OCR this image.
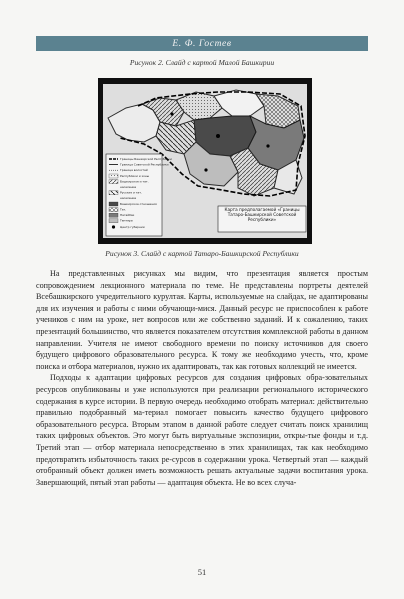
Е. Ф. Гостев
Рисунок 2. Слайд с картой Малой Башкирии
Границы Башкирской Республики
Граница Советской Республики
Граница волостей
Республики и зоны
Башкирское и тат.
население
Русские и тат.
население
Башкирское отношения
Тат.
Нагайбак
Тептяри
Центр губернии
Карта предполагаемой «Границы Татаро-Башкирской Советской Республики»
Рисунок 3. Слайд с картой Татаро-Башкирской Республики

На представленных рисунках мы видим, что презентация является простым сопровождением лекционного материала по теме. Не представлены портреты деятелей Всебашкирского учредительного курултая. Карты, используемые на слайдах, не адаптированы для их изучения и работы с ними обучающи-мися. Данный ресурс не приспособлен к работе учеников с ним на уроке, нет вопросов или же собственно заданий. И к сожалению, таких презентаций большинство, что является показателем отсутствия комплексной работы в данном направлении. Учителя не имеют свободного времени по поиску источников для своего будущего цифрового образовательного ресурса. К тому же необходимо учесть, что, кроме поиска и отбора материалов, нужно их адаптировать, так как готовых коллекций не имеется.

Подходы к адаптации цифровых ресурсов для создания цифровых обра-зовательных ресурсов опубликованы и уже используются при реализации регионального исторического содержания в курсе истории. В первую очередь необходимо отобрать материал: действительно правильно подобранный ма-териал помогает повысить качество будущего цифрового образовательного ресурса. Вторым этапом в данной работе следует считать поиск хранилищ таких цифровых объектов. Это могут быть виртуальные экспозиции, откры-тые фонды и т.д. Третий этап — отбор материала непосредственно в этих хранилищах, так как необходимо предотвратить избыточность таких ре-сурсов в содержании урока. Четвертый этап — каждый отобранный объект должен иметь возможность решать актуальные задачи воспитания урока. Завершающий, пятый этап работы — адаптация объекта. Не во всех случа-

51
